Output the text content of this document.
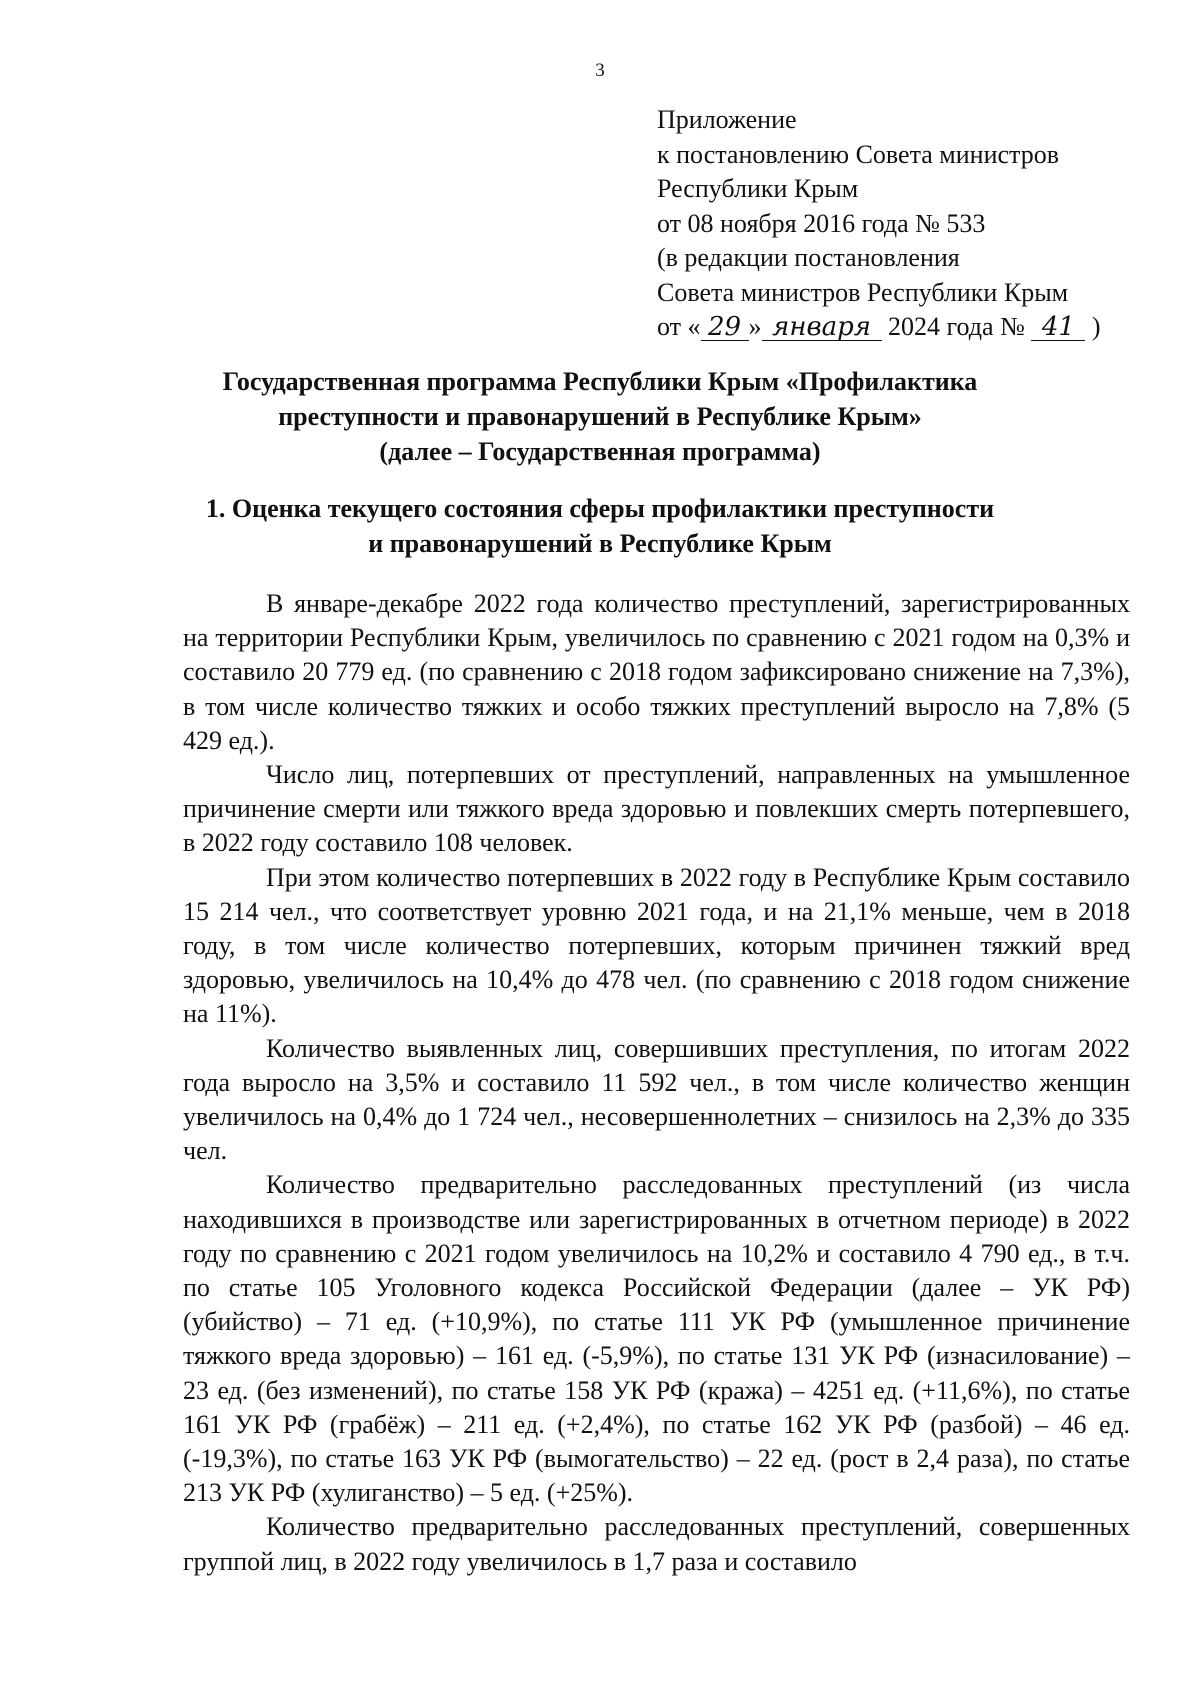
3
Приложение
к постановлению Совета министров
Республики Крым
от 08 ноября 2016 года № 533
(в редакции постановления
Совета министров Республики Крым
от « 29 » января 2024 года № 41 )
Государственная программа Республики Крым «Профилактика
преступности и правонарушений в Республике Крым»
(далее – Государственная программа)
1. Оценка текущего состояния сферы профилактики преступности
и правонарушений в Республике Крым

В январе-декабре 2022 года количество преступлений, зарегистрированных на территории Республики Крым, увеличилось по сравнению с 2021 годом на 0,3% и составило 20 779 ед. (по сравнению с 2018 годом зафиксировано снижение на 7,3%), в том числе количество тяжких и особо тяжких преступлений выросло на 7,8% (5 429 ед.).

Число лиц, потерпевших от преступлений, направленных на умышленное причинение смерти или тяжкого вреда здоровью и повлекших смерть потерпевшего, в 2022 году составило 108 человек.

При этом количество потерпевших в 2022 году в Республике Крым составило 15 214 чел., что соответствует уровню 2021 года, и на 21,1% меньше, чем в 2018 году, в том числе количество потерпевших, которым причинен тяжкий вред здоровью, увеличилось на 10,4% до 478 чел. (по сравнению с 2018 годом снижение на 11%).

Количество выявленных лиц, совершивших преступления, по итогам 2022 года выросло на 3,5% и составило 11 592 чел., в том числе количество женщин увеличилось на 0,4% до 1 724 чел., несовершеннолетних – снизилось на 2,3% до 335 чел.

Количество предварительно расследованных преступлений (из числа находившихся в производстве или зарегистрированных в отчетном периоде) в 2022 году по сравнению с 2021 годом увеличилось на 10,2% и составило 4 790 ед., в т.ч. по статье 105 Уголовного кодекса Российской Федерации (далее – УК РФ) (убийство) – 71 ед. (+10,9%), по статье 111 УК РФ (умышленное причинение тяжкого вреда здоровью) – 161 ед. (-5,9%), по статье 131 УК РФ (изнасилование) – 23 ед. (без изменений), по статье 158 УК РФ (кража) – 4251 ед. (+11,6%), по статье 161 УК РФ (грабёж) – 211 ед. (+2,4%), по статье 162 УК РФ (разбой) – 46 ед. (-19,3%), по статье 163 УК РФ (вымогательство) – 22 ед. (рост в 2,4 раза), по статье 213 УК РФ (хулиганство) – 5 ед. (+25%).

Количество предварительно расследованных преступлений, совершенных группой лиц, в 2022 году увеличилось в 1,7 раза и составило
